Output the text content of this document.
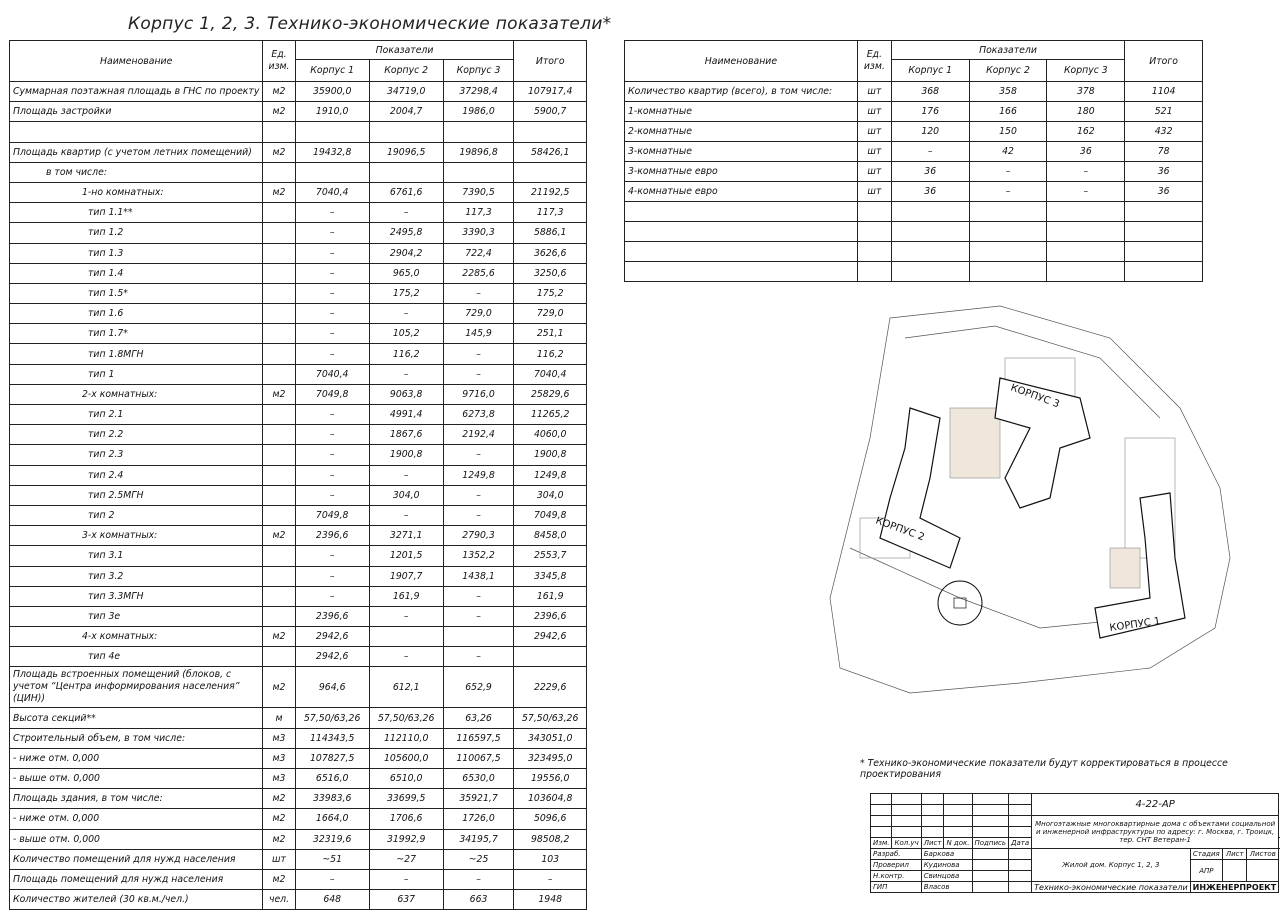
Корпус 1, 2, 3. Технико-экономические показатели*
Наименование	Ед. изм.	Показатели			Итого
		Корпус 1	Корпус 2	Корпус 3	
Суммарная поэтажная площадь в ГНС по проекту	м2	35900,0	34719,0	37298,4	107917,4
Площадь застройки	м2	1910,0	2004,7	1986,0	5900,7

Площадь квартир (с учетом летних помещений)	м2	19432,8	19096,5	19896,8	58426,1
в том числе:					
1-но комнатных:	м2	7040,4	6761,6	7390,5	21192,5
тип 1.1**		–	–	117,3	117,3
тип 1.2		–	2495,8	3390,3	5886,1
тип 1.3		–	2904,2	722,4	3626,6
тип 1.4		–	965,0	2285,6	3250,6
тип 1.5*		–	175,2	–	175,2
тип 1.6		–	–	729,0	729,0
тип 1.7*		–	105,2	145,9	251,1
тип 1.8МГН		–	116,2	–	116,2
тип 1		7040,4	–	–	7040,4
2-х комнатных:	м2	7049,8	9063,8	9716,0	25829,6
тип 2.1		–	4991,4	6273,8	11265,2
тип 2.2		–	1867,6	2192,4	4060,0
тип 2.3		–	1900,8	–	1900,8
тип 2.4		–	–	1249,8	1249,8
тип 2.5МГН		–	304,0	–	304,0
тип 2		7049,8	–	–	7049,8
3-х комнатных:	м2	2396,6	3271,1	2790,3	8458,0
тип 3.1		–	1201,5	1352,2	2553,7
тип 3.2		–	1907,7	1438,1	3345,8
тип 3.3МГН		–	161,9	–	161,9
тип 3е		2396,6	–	–	2396,6
4-х комнатных:	м2	2942,6			2942,6
тип 4е		2942,6	–	–	
Площадь встроенных помещений (блоков, с учетом “Центра информирования населения” (ЦИН))	м2	964,6	612,1	652,9	2229,6
Высота секций**	м	57,50/63,26	57,50/63,26	63,26	57,50/63,26
Строительный объем, в том числе:	м3	114343,5	112110,0	116597,5	343051,0
- ниже отм. 0,000	м3	107827,5	105600,0	110067,5	323495,0
- выше отм. 0,000	м3	6516,0	6510,0	6530,0	19556,0
Площадь здания, в том числе:	м2	33983,6	33699,5	35921,7	103604,8
- ниже отм. 0,000	м2	1664,0	1706,6	1726,0	5096,6
- выше отм. 0,000	м2	32319,6	31992,9	34195,7	98508,2
Количество помещений для нужд населения	шт	~51	~27	~25	103
Площадь помещений для нужд населения	м2	–	–	–	–
Количество жителей (30 кв.м./чел.)	чел.	648	637	663	1948
Наименование	Ед. изм.	Показатели			Итого
		Корпус 1	Корпус 2	Корпус 3	
Количество квартир (всего), в том числе:	шт	368	358	378	1104
1-комнатные	шт	176	166	180	521
2-комнатные	шт	120	150	162	432
3-комнатные	шт	–	42	36	78
3-комнатные евро	шт	36	–	–	36
4-комнатные евро	шт	36	–	–	36

КОРПУС 3
КОРПУС 2
КОРПУС 1
* Технико-экономические показатели будут корректироваться в процессе проектирования
						4-22-АР				

						Многоэтажные многоквартирные дома с объектами социальной и инженерной инфраструктуры по адресу: г. Москва, г. Троицк, тер. СНТ Ветеран-1				

Изм.	Кол.уч	Лист	N док.	Подпись	Дата					
Разраб.		Баркова				Жилой дом. Корпус 1, 2, 3	Стадия	Лист	Листов	
Проверил		Кудинова					АПР			
Н.контр.		Свинцова								
ГИП		Власов				Технико-экономические показатели	ИНЖЕНЕРПРОЕКТ			
